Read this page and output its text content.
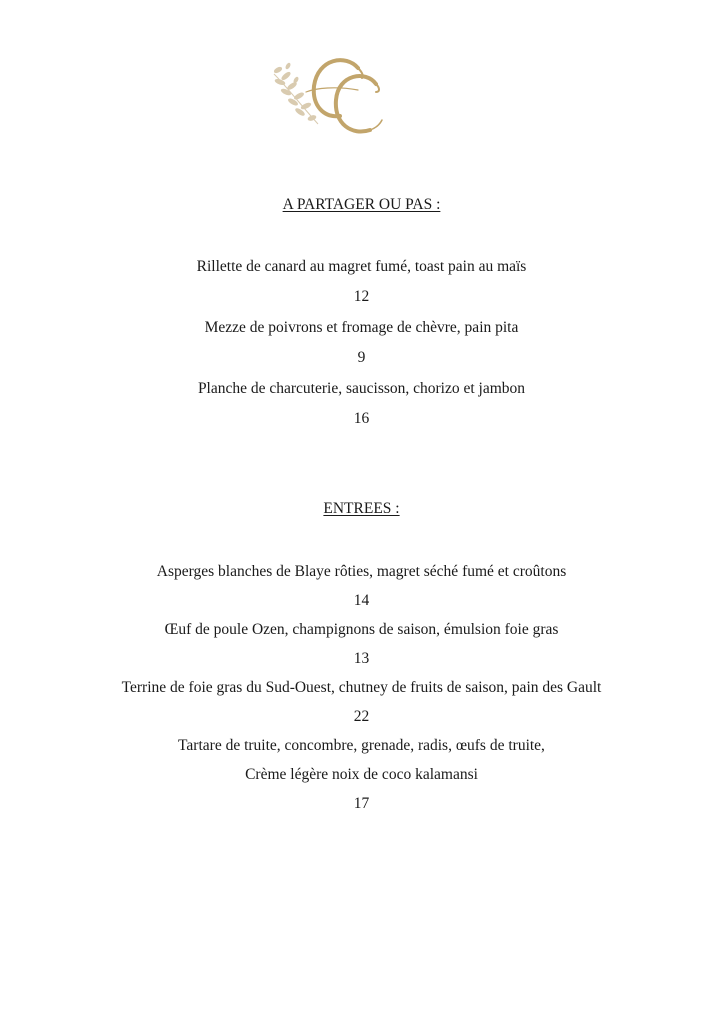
A PARTAGER OU PAS :
Rillette de canard au magret fumé, toast pain au maïs
12
Mezze de poivrons et fromage de chèvre, pain pita
9
Planche de charcuterie, saucisson, chorizo et jambon
16
ENTREES :
Asperges blanches de Blaye rôties, magret séché fumé et croûtons
14
Œuf de poule Ozen, champignons de saison, émulsion foie gras
13
Terrine de foie gras du Sud-Ouest, chutney de fruits de saison, pain des Gault
22
Tartare de truite, concombre, grenade, radis, œufs de truite,
Crème légère noix de coco kalamansi
17
